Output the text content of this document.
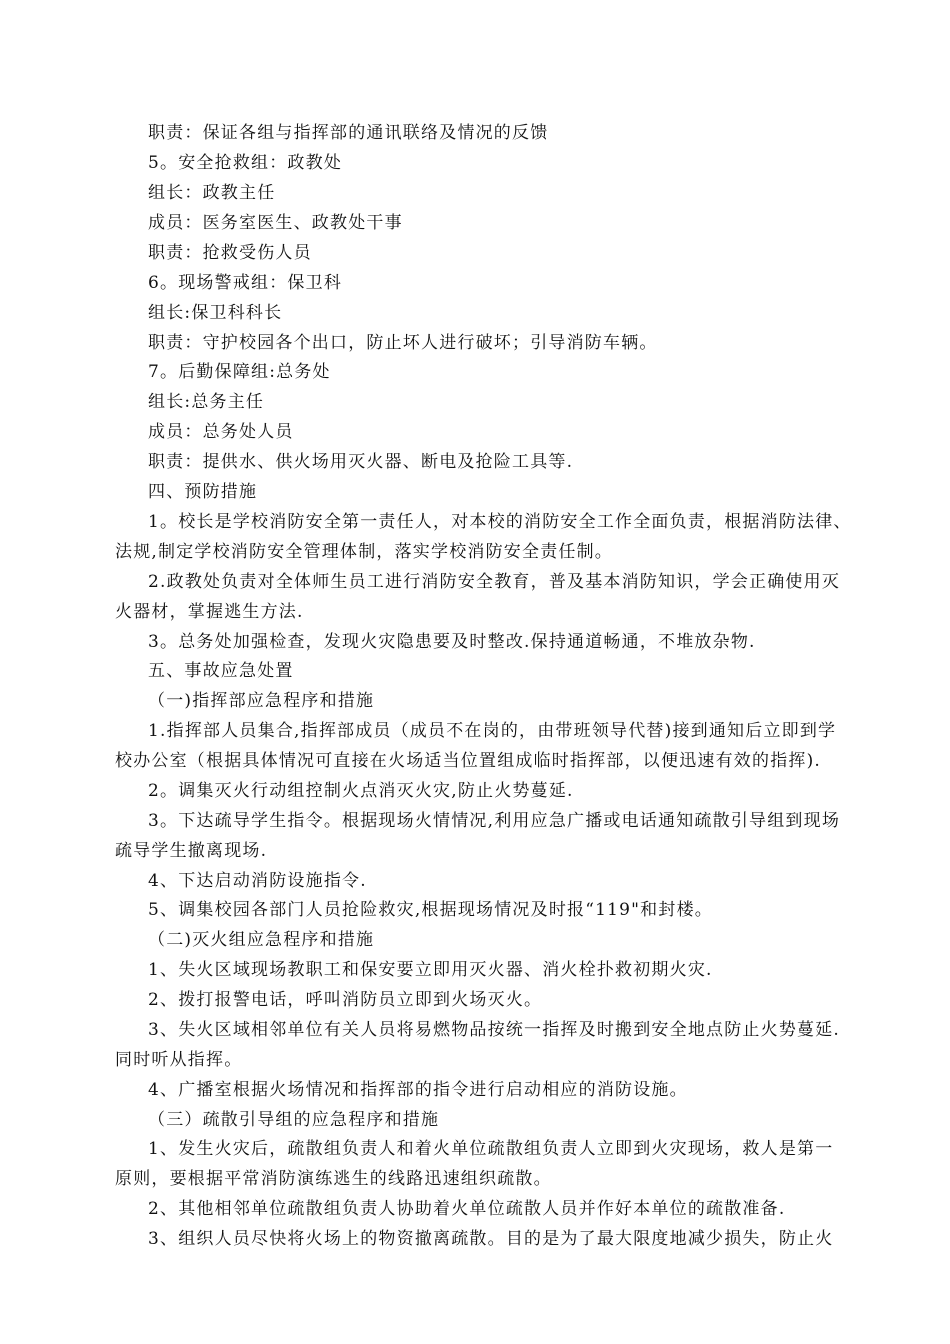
职责：保证各组与指挥部的通讯联络及情况的反馈
5。安全抢救组：政教处
组长：政教主任
成员：医务室医生、政教处干事
职责：抢救受伤人员
6。现场警戒组：保卫科
组长:保卫科科长
职责：守护校园各个出口，防止坏人进行破坏；引导消防车辆。
7。后勤保障组:总务处
组长:总务主任
成员：总务处人员
职责：提供水、供火场用灭火器、断电及抢险工具等.
四、预防措施
1。校长是学校消防安全第一责任人，对本校的消防安全工作全面负责，根据消防法律、
法规,制定学校消防安全管理体制，落实学校消防安全责任制。
2.政教处负责对全体师生员工进行消防安全教育，普及基本消防知识，学会正确使用灭
火器材，掌握逃生方法.
3。总务处加强检查，发现火灾隐患要及时整改.保持通道畅通，不堆放杂物.
五、事故应急处置
（一)指挥部应急程序和措施
1.指挥部人员集合,指挥部成员（成员不在岗的，由带班领导代替)接到通知后立即到学
校办公室（根据具体情况可直接在火场适当位置组成临时指挥部，以便迅速有效的指挥).
2。调集灭火行动组控制火点消灭火灾,防止火势蔓延.
3。下达疏导学生指令。根据现场火情情况,利用应急广播或电话通知疏散引导组到现场
疏导学生撤离现场.
4、下达启动消防设施指令.
5、调集校园各部门人员抢险救灾,根据现场情况及时报“119"和封楼。
（二)灭火组应急程序和措施
1、失火区域现场教职工和保安要立即用灭火器、消火栓扑救初期火灾.
2、拨打报警电话，呼叫消防员立即到火场灭火。
3、失火区域相邻单位有关人员将易燃物品按统一指挥及时搬到安全地点防止火势蔓延.
同时听从指挥。
4、广播室根据火场情况和指挥部的指令进行启动相应的消防设施。
（三）疏散引导组的应急程序和措施
1、发生火灾后，疏散组负责人和着火单位疏散组负责人立即到火灾现场，救人是第一
原则，要根据平常消防演练逃生的线路迅速组织疏散。
2、其他相邻单位疏散组负责人协助着火单位疏散人员并作好本单位的疏散准备.
3、组织人员尽快将火场上的物资撤离疏散。目的是为了最大限度地减少损失，防止火
